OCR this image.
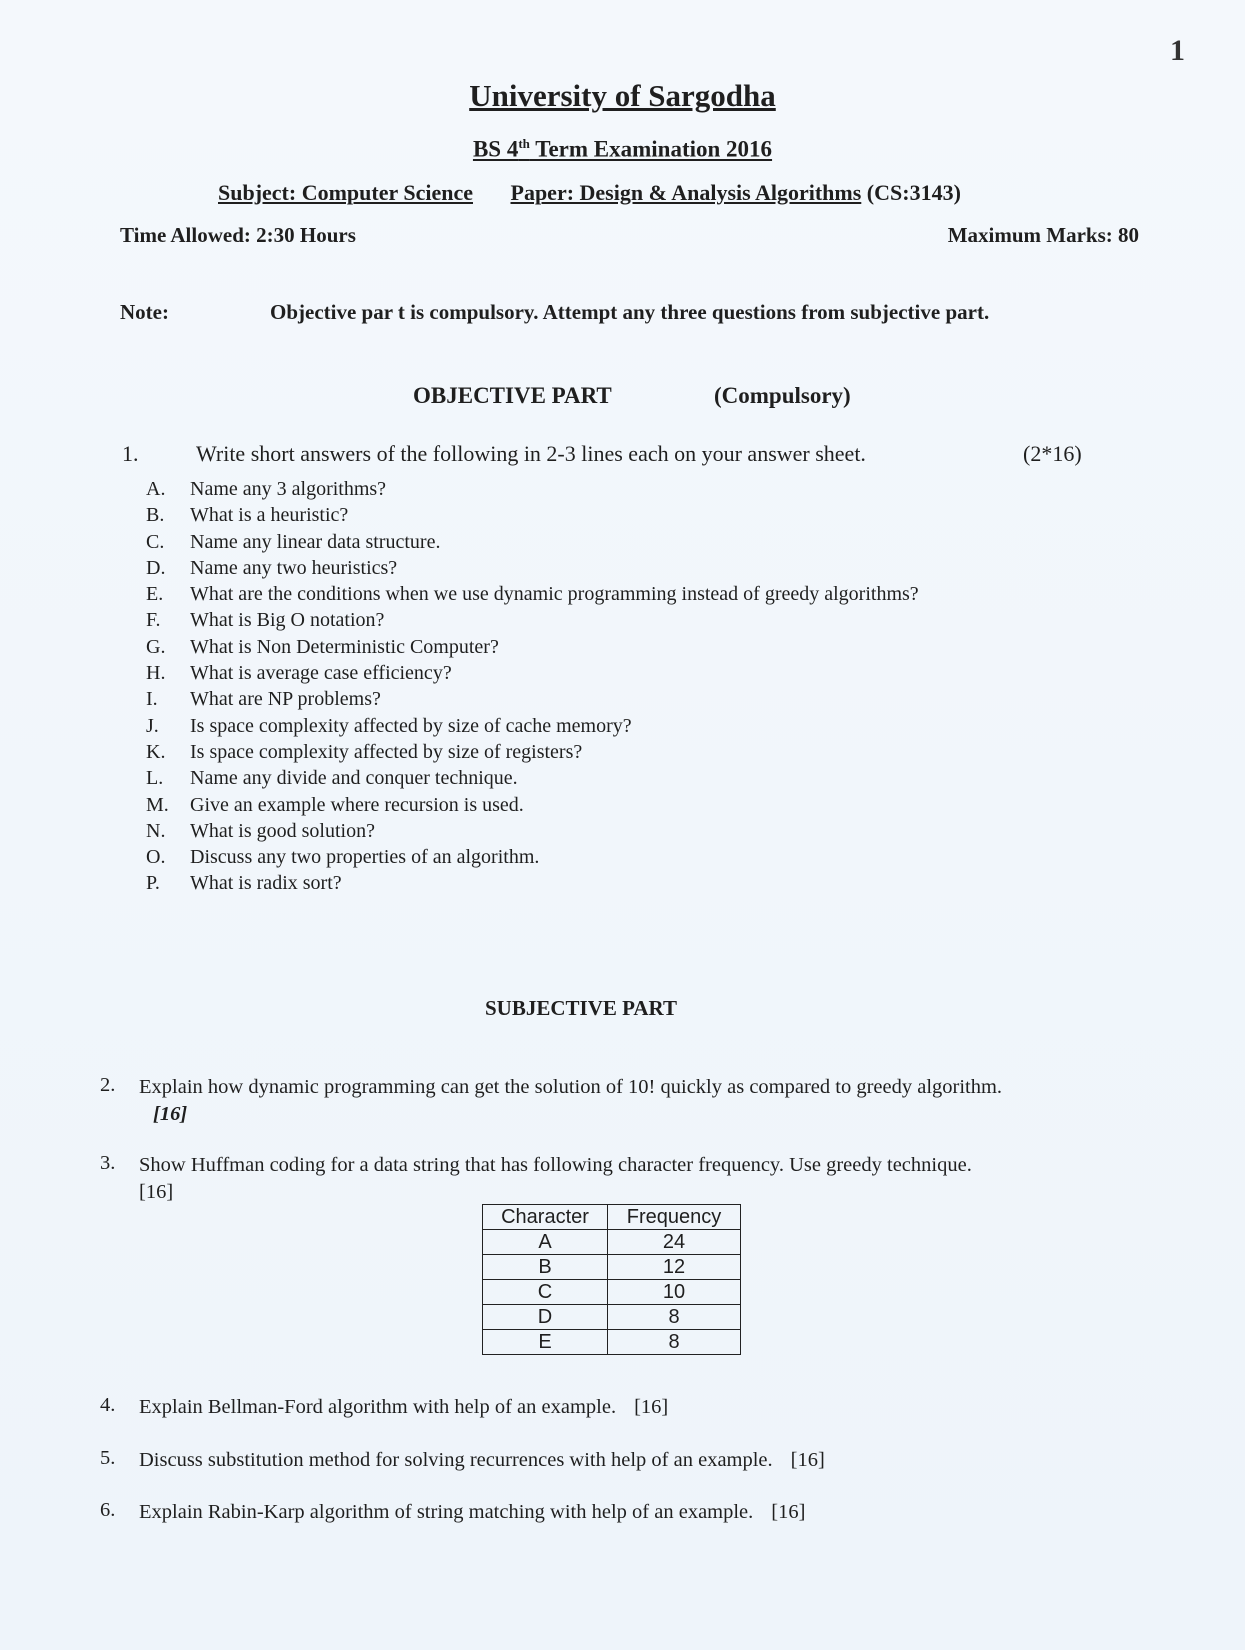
1
University of Sargodha
BS 4th Term Examination 2016
Subject: Computer Science Paper: Design & Analysis Algorithms (CS:3143)
Time Allowed: 2:30 Hours	Maximum Marks: 80
Note:	Objective par t is compulsory. Attempt any three questions from subjective part.
OBJECTIVE PART	(Compulsory)
1.	Write short answers of the following in 2-3 lines each on your answer sheet.	(2*16)
A. Name any 3 algorithms?
B. What is a heuristic?
C. Name any linear data structure.
D. Name any two heuristics?
E. What are the conditions when we use dynamic programming instead of greedy algorithms?
F. What is Big O notation?
G. What is Non Deterministic Computer?
H. What is average case efficiency?
I. What are NP problems?
J. Is space complexity affected by size of cache memory?
K. Is space complexity affected by size of registers?
L. Name any divide and conquer technique.
M. Give an example where recursion is used.
N. What is good solution?
O. Discuss any two properties of an algorithm.
P. What is radix sort?
SUBJECTIVE PART
2. Explain how dynamic programming can get the solution of 10! quickly as compared to greedy algorithm.[16]
3. Show Huffman coding for a data string that has following character frequency. Use greedy technique.
[16]
Character	Frequency
A	24
B	12
C	10
D	8
E	8
4. Explain Bellman-Ford algorithm with help of an example. [16]
5. Discuss substitution method for solving recurrences with help of an example. [16]
6. Explain Rabin-Karp algorithm of string matching with help of an example. [16]
